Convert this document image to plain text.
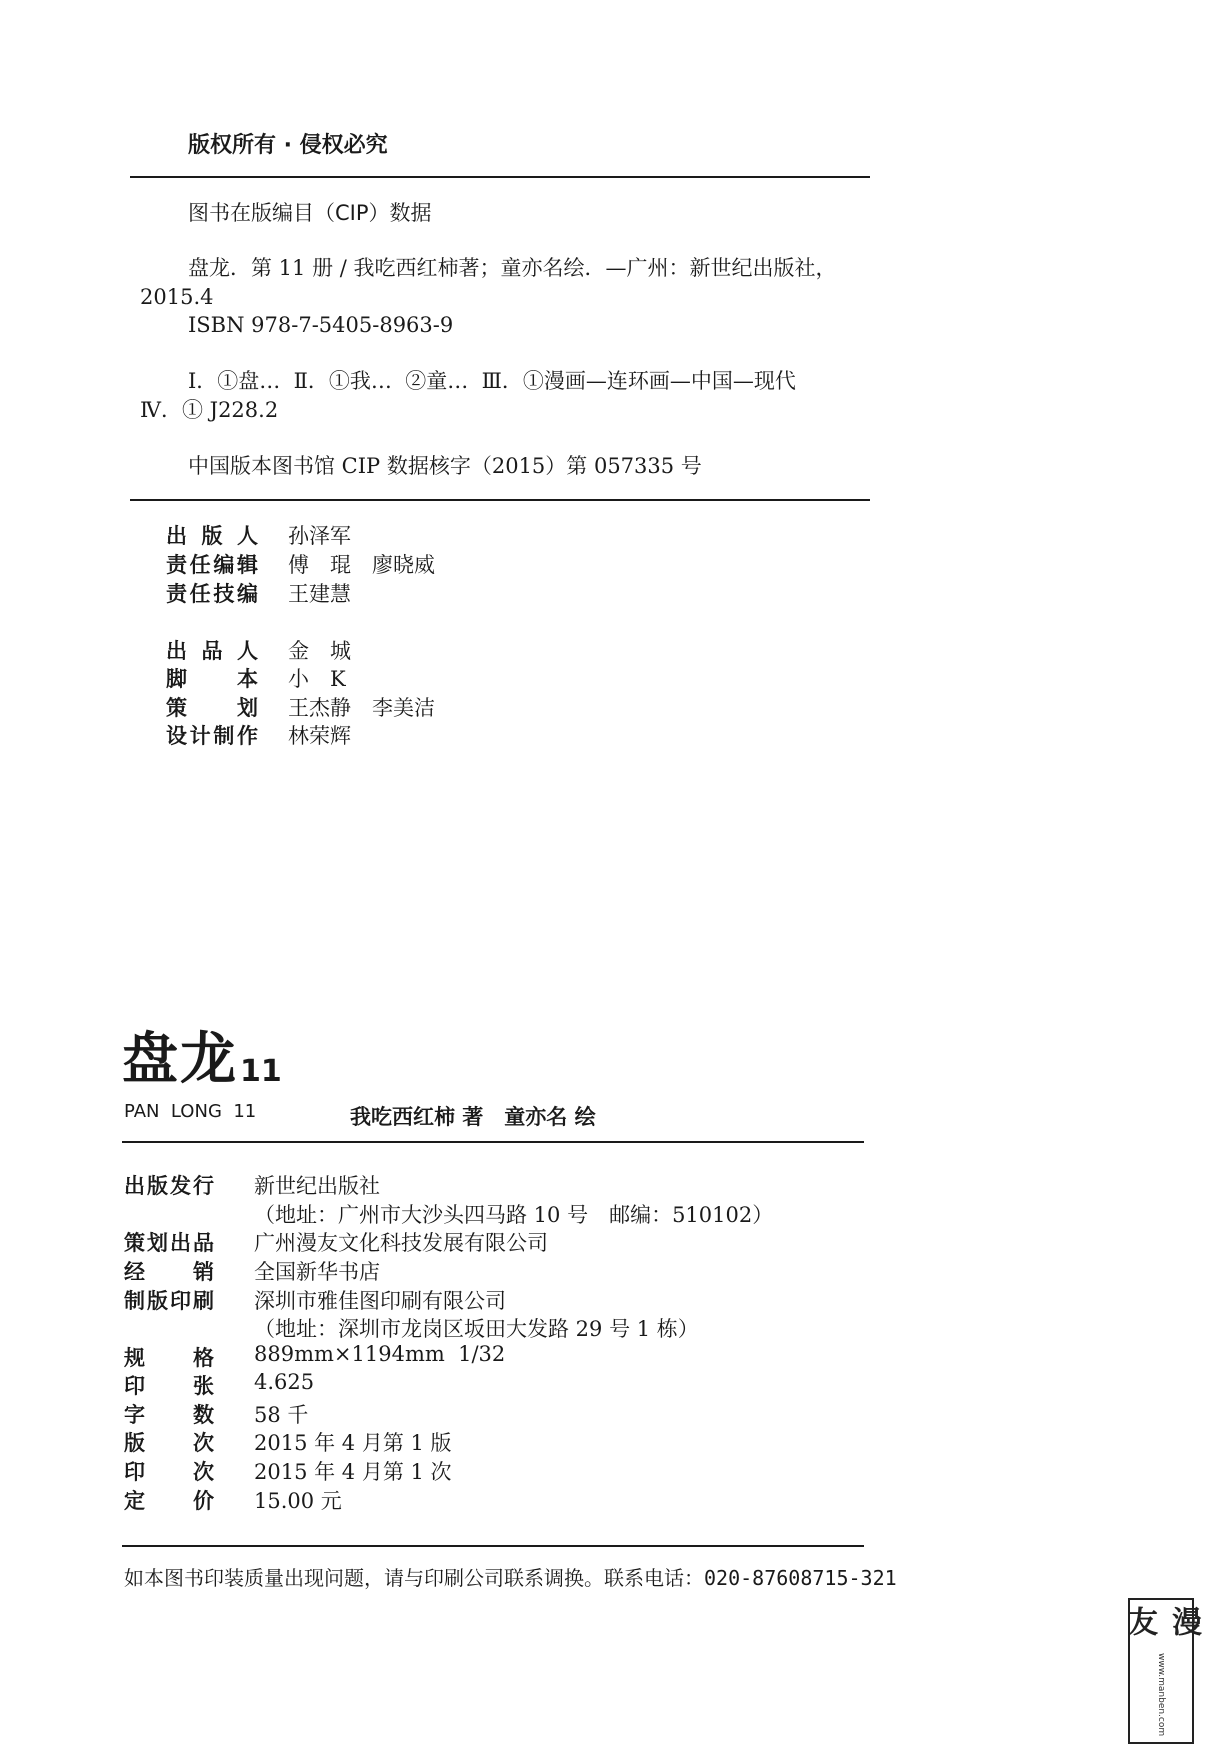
版权所有 · 侵权必究
图书在版编目（CIP）数据
盘龙．第 11 册 / 我吃西红柿著；童亦名绘．—广州：新世纪出版社，
2015.4
ISBN 978-7-5405-8963-9
Ⅰ．①盘…  Ⅱ．①我…  ②童…  Ⅲ．①漫画—连环画—中国—现代
Ⅳ．① J228.2
中国版本图书馆 CIP 数据核字（2015）第 057335 号
出版人 孙泽军
责任编辑 傅　琨　廖晓威
责任技编 王建慧
出品人 金　城
脚本 小　K
策划 王杰静　李美洁
设计制作 林荣辉
盘龙 11
PAN  LONG  11	我吃西红柿 著　童亦名 绘
出版发行 新世纪出版社
（地址：广州市大沙头四马路 10 号　邮编：510102）
策划出品 广州漫友文化科技发展有限公司
经销 全国新华书店
制版印刷 深圳市雅佳图印刷有限公司
（地址：深圳市龙岗区坂田大发路 29 号 1 栋）
规格 889mm×1194mm  1/32
印张 4.625
字数 58 千
版次 2015 年 4 月第 1 版
印次 2015 年 4 月第 1 次
定价 15.00 元
如本图书印装质量出现问题，请与印刷公司联系调换。联系电话：020-87608715-321
漫友
www.manben.com
